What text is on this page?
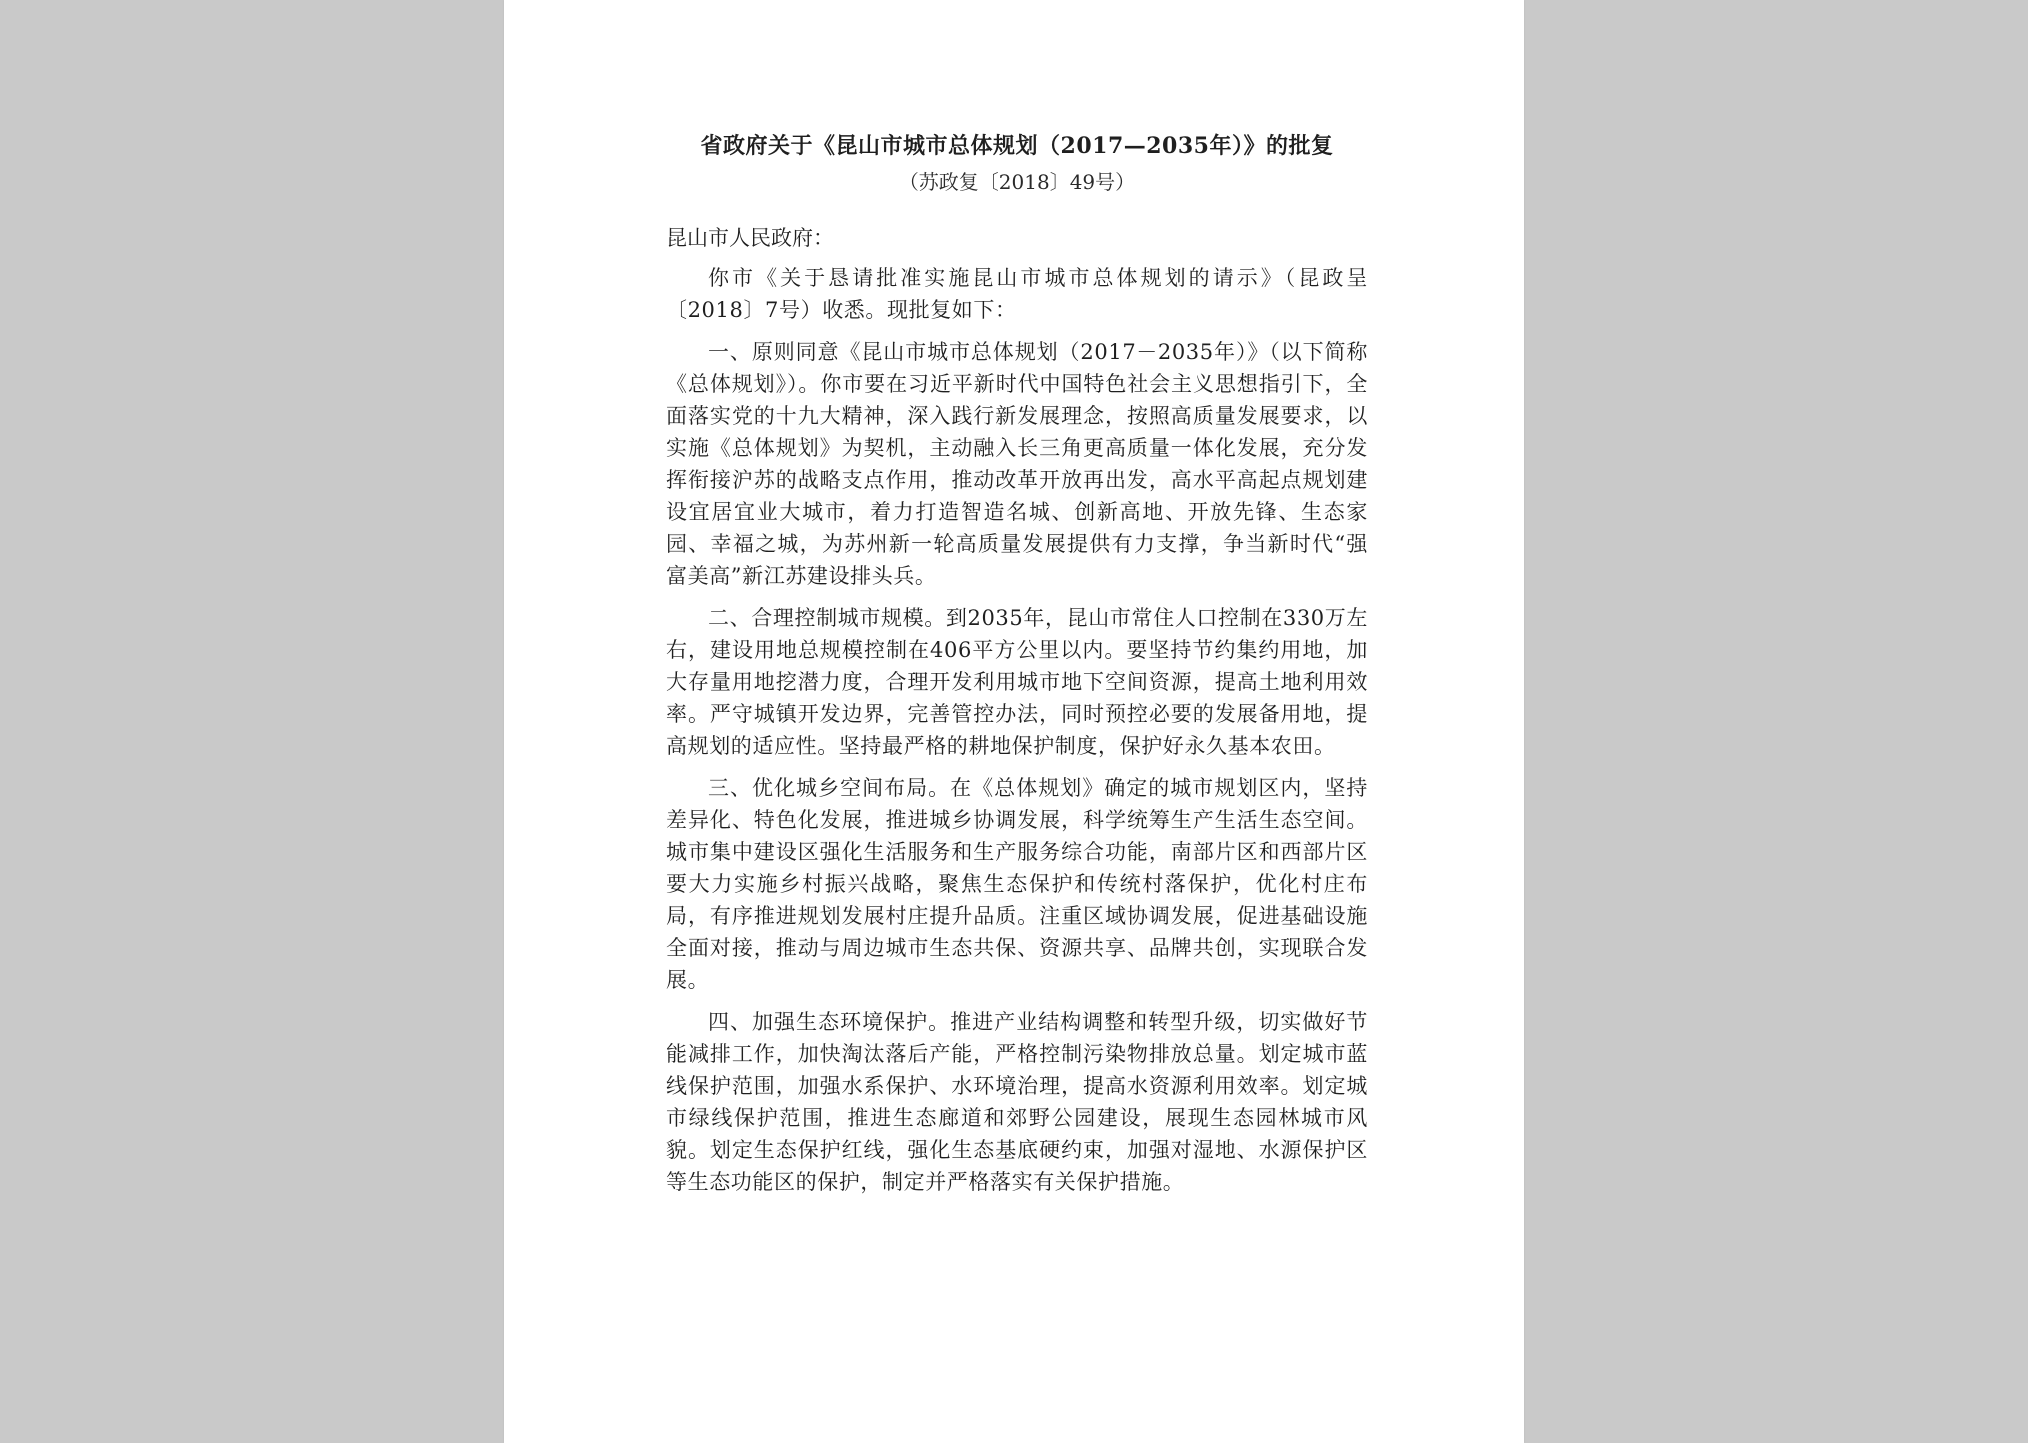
省政府关于《昆山市城市总体规划（2017—2035年）》的批复

（苏政复〔2018〕49号）

昆山市人民政府：

你市《关于恳请批准实施昆山市城市总体规划的请示》（昆政呈〔2018〕7号）收悉。现批复如下：

一、原则同意《昆山市城市总体规划（2017－2035年）》（以下简称《总体规划》）。你市要在习近平新时代中国特色社会主义思想指引下，全面落实党的十九大精神，深入践行新发展理念，按照高质量发展要求，以实施《总体规划》为契机，主动融入长三角更高质量一体化发展，充分发挥衔接沪苏的战略支点作用，推动改革开放再出发，高水平高起点规划建设宜居宜业大城市，着力打造智造名城、创新高地、开放先锋、生态家园、幸福之城，为苏州新一轮高质量发展提供有力支撑，争当新时代“强富美高”新江苏建设排头兵。

二、合理控制城市规模。到2035年，昆山市常住人口控制在330万左右，建设用地总规模控制在406平方公里以内。要坚持节约集约用地，加大存量用地挖潜力度，合理开发利用城市地下空间资源，提高土地利用效率。严守城镇开发边界，完善管控办法，同时预控必要的发展备用地，提高规划的适应性。坚持最严格的耕地保护制度，保护好永久基本农田。

三、优化城乡空间布局。在《总体规划》确定的城市规划区内，坚持差异化、特色化发展，推进城乡协调发展，科学统筹生产生活生态空间。城市集中建设区强化生活服务和生产服务综合功能，南部片区和西部片区要大力实施乡村振兴战略，聚焦生态保护和传统村落保护，优化村庄布局，有序推进规划发展村庄提升品质。注重区域协调发展，促进基础设施全面对接，推动与周边城市生态共保、资源共享、品牌共创，实现联合发展。

四、加强生态环境保护。推进产业结构调整和转型升级，切实做好节能减排工作，加快淘汰落后产能，严格控制污染物排放总量。划定城市蓝线保护范围，加强水系保护、水环境治理，提高水资源利用效率。划定城市绿线保护范围，推进生态廊道和郊野公园建设，展现生态园林城市风貌。划定生态保护红线，强化生态基底硬约束，加强对湿地、水源保护区等生态功能区的保护，制定并严格落实有关保护措施。
